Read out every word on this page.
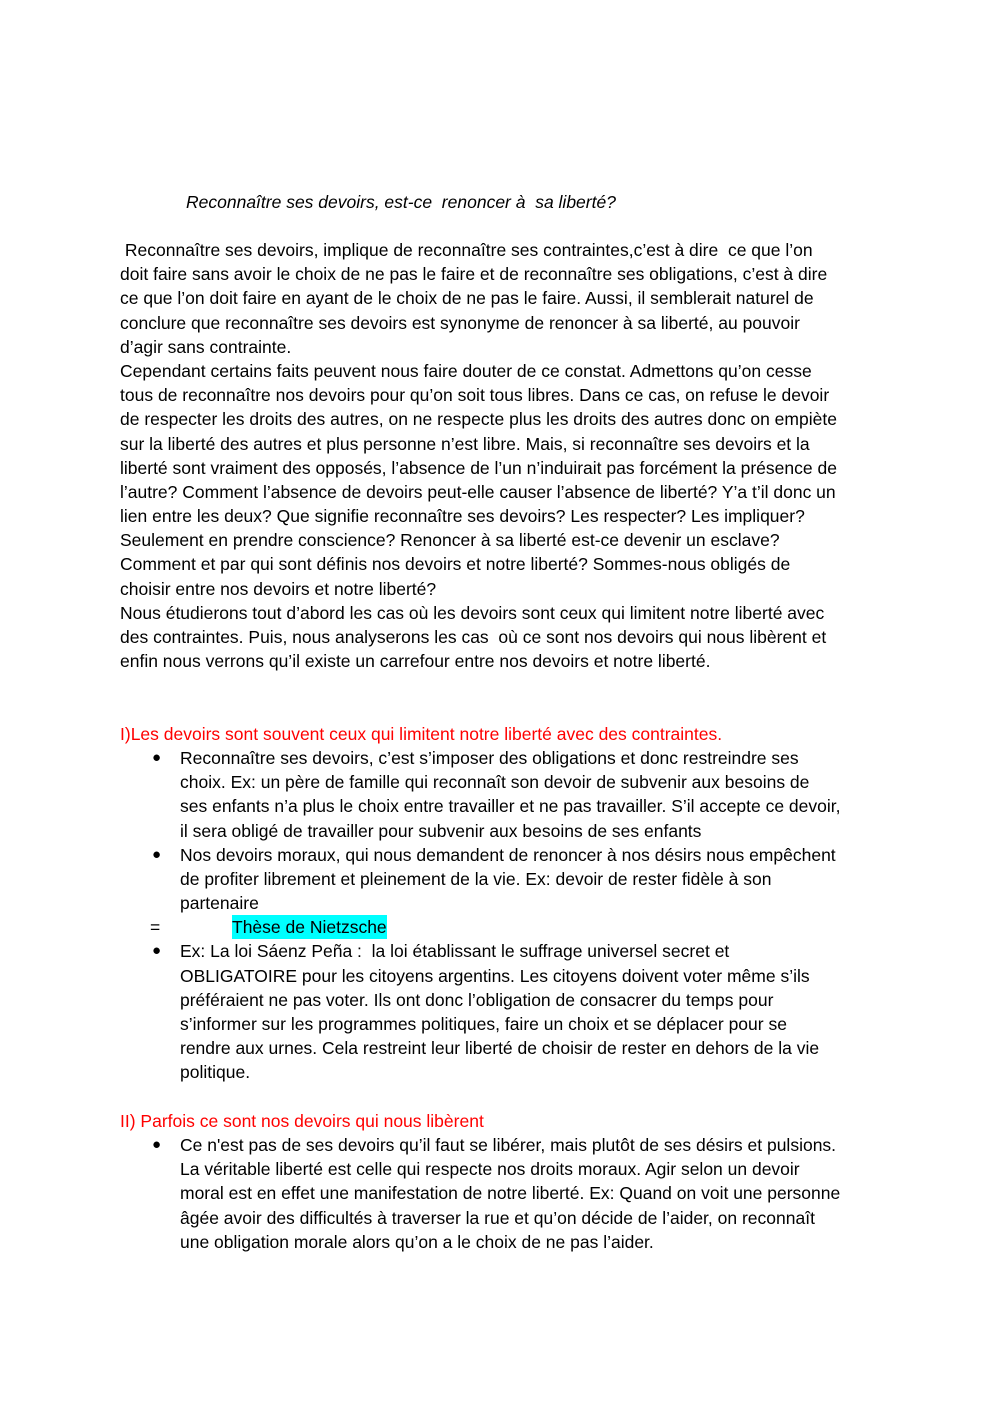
Reconnaître ses devoirs, est-ce  renoncer à  sa liberté?
Reconnaître ses devoirs, implique de reconnaître ses contraintes,c’est à dire  ce que l’on
doit faire sans avoir le choix de ne pas le faire et de reconnaître ses obligations, c’est à dire
ce que l’on doit faire en ayant de le choix de ne pas le faire. Aussi, il semblerait naturel de
conclure que reconnaître ses devoirs est synonyme de renoncer à sa liberté, au pouvoir
d’agir sans contrainte.
Cependant certains faits peuvent nous faire douter de ce constat. Admettons qu’on cesse
tous de reconnaître nos devoirs pour qu’on soit tous libres. Dans ce cas, on refuse le devoir
de respecter les droits des autres, on ne respecte plus les droits des autres donc on empiète
sur la liberté des autres et plus personne n’est libre. Mais, si reconnaître ses devoirs et la
liberté sont vraiment des opposés, l’absence de l’un n’induirait pas forcément la présence de
l’autre? Comment l’absence de devoirs peut-elle causer l’absence de liberté? Y’a t’il donc un
lien entre les deux? Que signifie reconnaître ses devoirs? Les respecter? Les impliquer?
Seulement en prendre conscience? Renoncer à sa liberté est-ce devenir un esclave?
Comment et par qui sont définis nos devoirs et notre liberté? Sommes-nous obligés de
choisir entre nos devoirs et notre liberté?
Nous étudierons tout d’abord les cas où les devoirs sont ceux qui limitent notre liberté avec
des contraintes. Puis, nous analyserons les cas  où ce sont nos devoirs qui nous libèrent et
enfin nous verrons qu’il existe un carrefour entre nos devoirs et notre liberté.
I)Les devoirs sont souvent ceux qui limitent notre liberté avec des contraintes.
● Reconnaître ses devoirs, c’est s’imposer des obligations et donc restreindre ses
choix. Ex: un père de famille qui reconnaît son devoir de subvenir aux besoins de
ses enfants n’a plus le choix entre travailler et ne pas travailler. S’il accepte ce devoir,
il sera obligé de travailler pour subvenir aux besoins de ses enfants
● Nos devoirs moraux, qui nous demandent de renoncer à nos désirs nous empêchent
de profiter librement et pleinement de la vie. Ex: devoir de rester fidèle à son
partenaire

=

	Thèse de Nietzsche

● Ex: La loi Sáenz Peña :  la loi établissant le suffrage universel secret et
OBLIGATOIRE pour les citoyens argentins. Les citoyens doivent voter même s’ils
préféraient ne pas voter. Ils ont donc l’obligation de consacrer du temps pour
s’informer sur les programmes politiques, faire un choix et se déplacer pour se
rendre aux urnes. Cela restreint leur liberté de choisir de rester en dehors de la vie
politique.
II) Parfois ce sont nos devoirs qui nous libèrent
● Ce n'est pas de ses devoirs qu’il faut se libérer, mais plutôt de ses désirs et pulsions.
La véritable liberté est celle qui respecte nos droits moraux. Agir selon un devoir
moral est en effet une manifestation de notre liberté. Ex: Quand on voit une personne
âgée avoir des difficultés à traverser la rue et qu’on décide de l’aider, on reconnaît
une obligation morale alors qu’on a le choix de ne pas l’aider.
